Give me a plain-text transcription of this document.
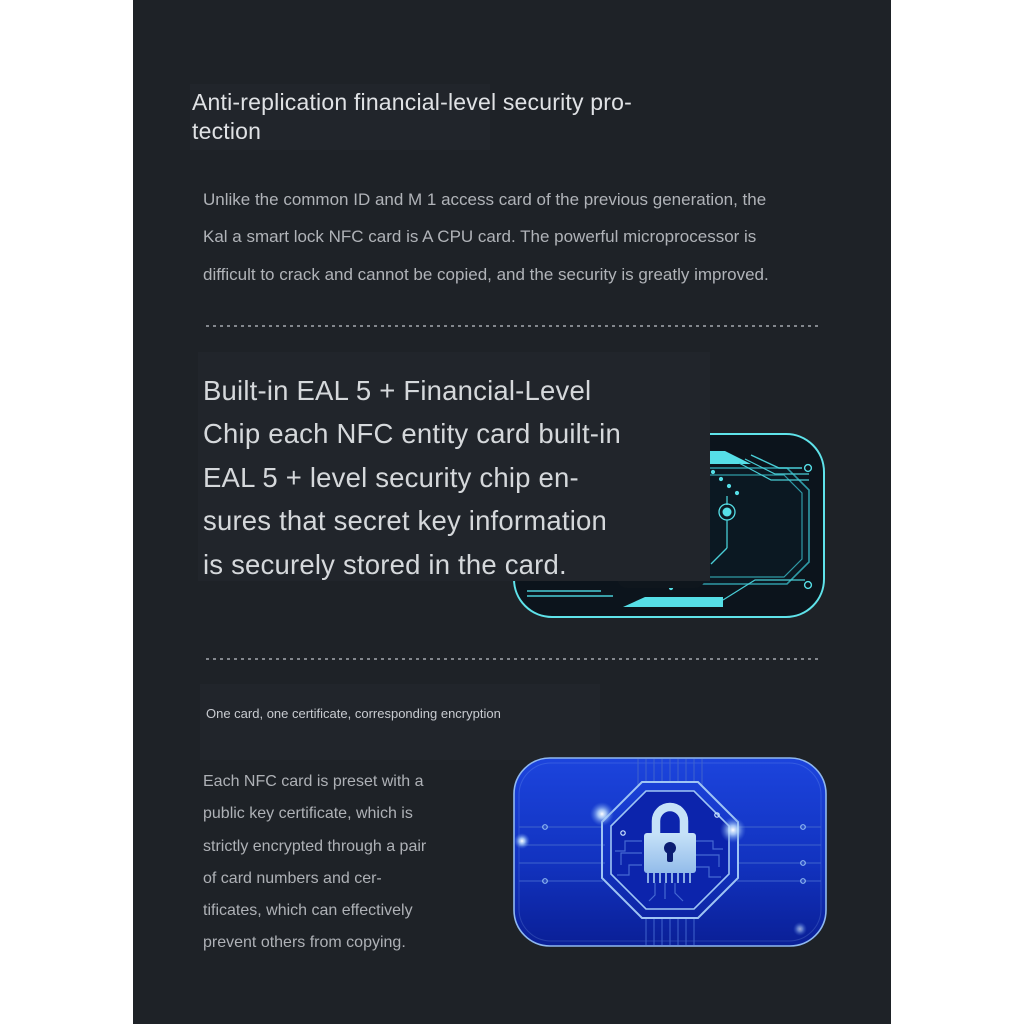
Anti-replication financial-level security pro-
tection
Unlike the common ID and M 1 access card of the previous generation, the
Kal a smart lock NFC card is A CPU card. The powerful microprocessor is
difficult to crack and cannot be copied, and the security is greatly improved.
Built-in EAL 5 + Financial-Level
Chip each NFC entity card built-in
EAL 5 + level security chip en-
sures that secret key information
is securely stored in the card.
One card, one certificate, corresponding encryption
Each NFC card is preset with a
public key certificate, which is
strictly encrypted through a pair
of card numbers and cer-
tificates, which can effectively
prevent others from copying.
